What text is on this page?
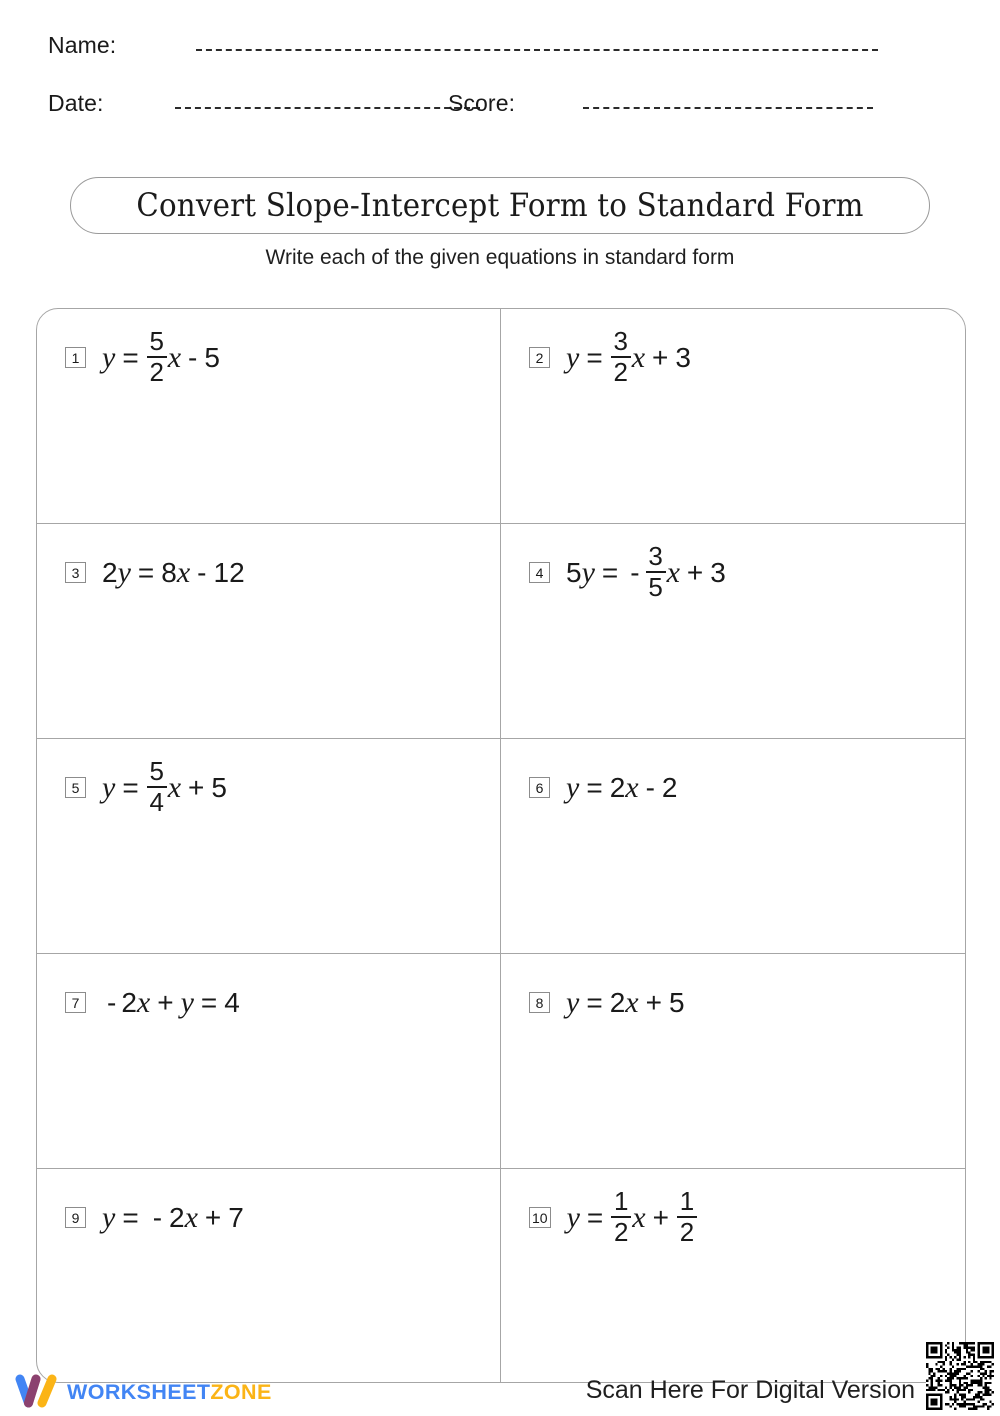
Name:
Date:	Score:
Convert Slope-Intercept Form to Standard Form
Write each of the given equations in standard form
1 $y = \frac{5}{2}$ x - 5	2 $y = \frac{3}{2}$ x + 3
3 2 y = 8 x - 12	4 5 y = - $\frac{3}{5}$ x + 3
5 $y = \frac{5}{4}$ x + 5	6 y = 2 x - 2
7 - 2 x + y = 4	8 y = 2 x + 5
9 y = - 2 x + 7	10 $y = \frac{1}{2}$ $x + \frac{1}{2}$
WORKSHEETZONE	Scan Here For Digital Version
